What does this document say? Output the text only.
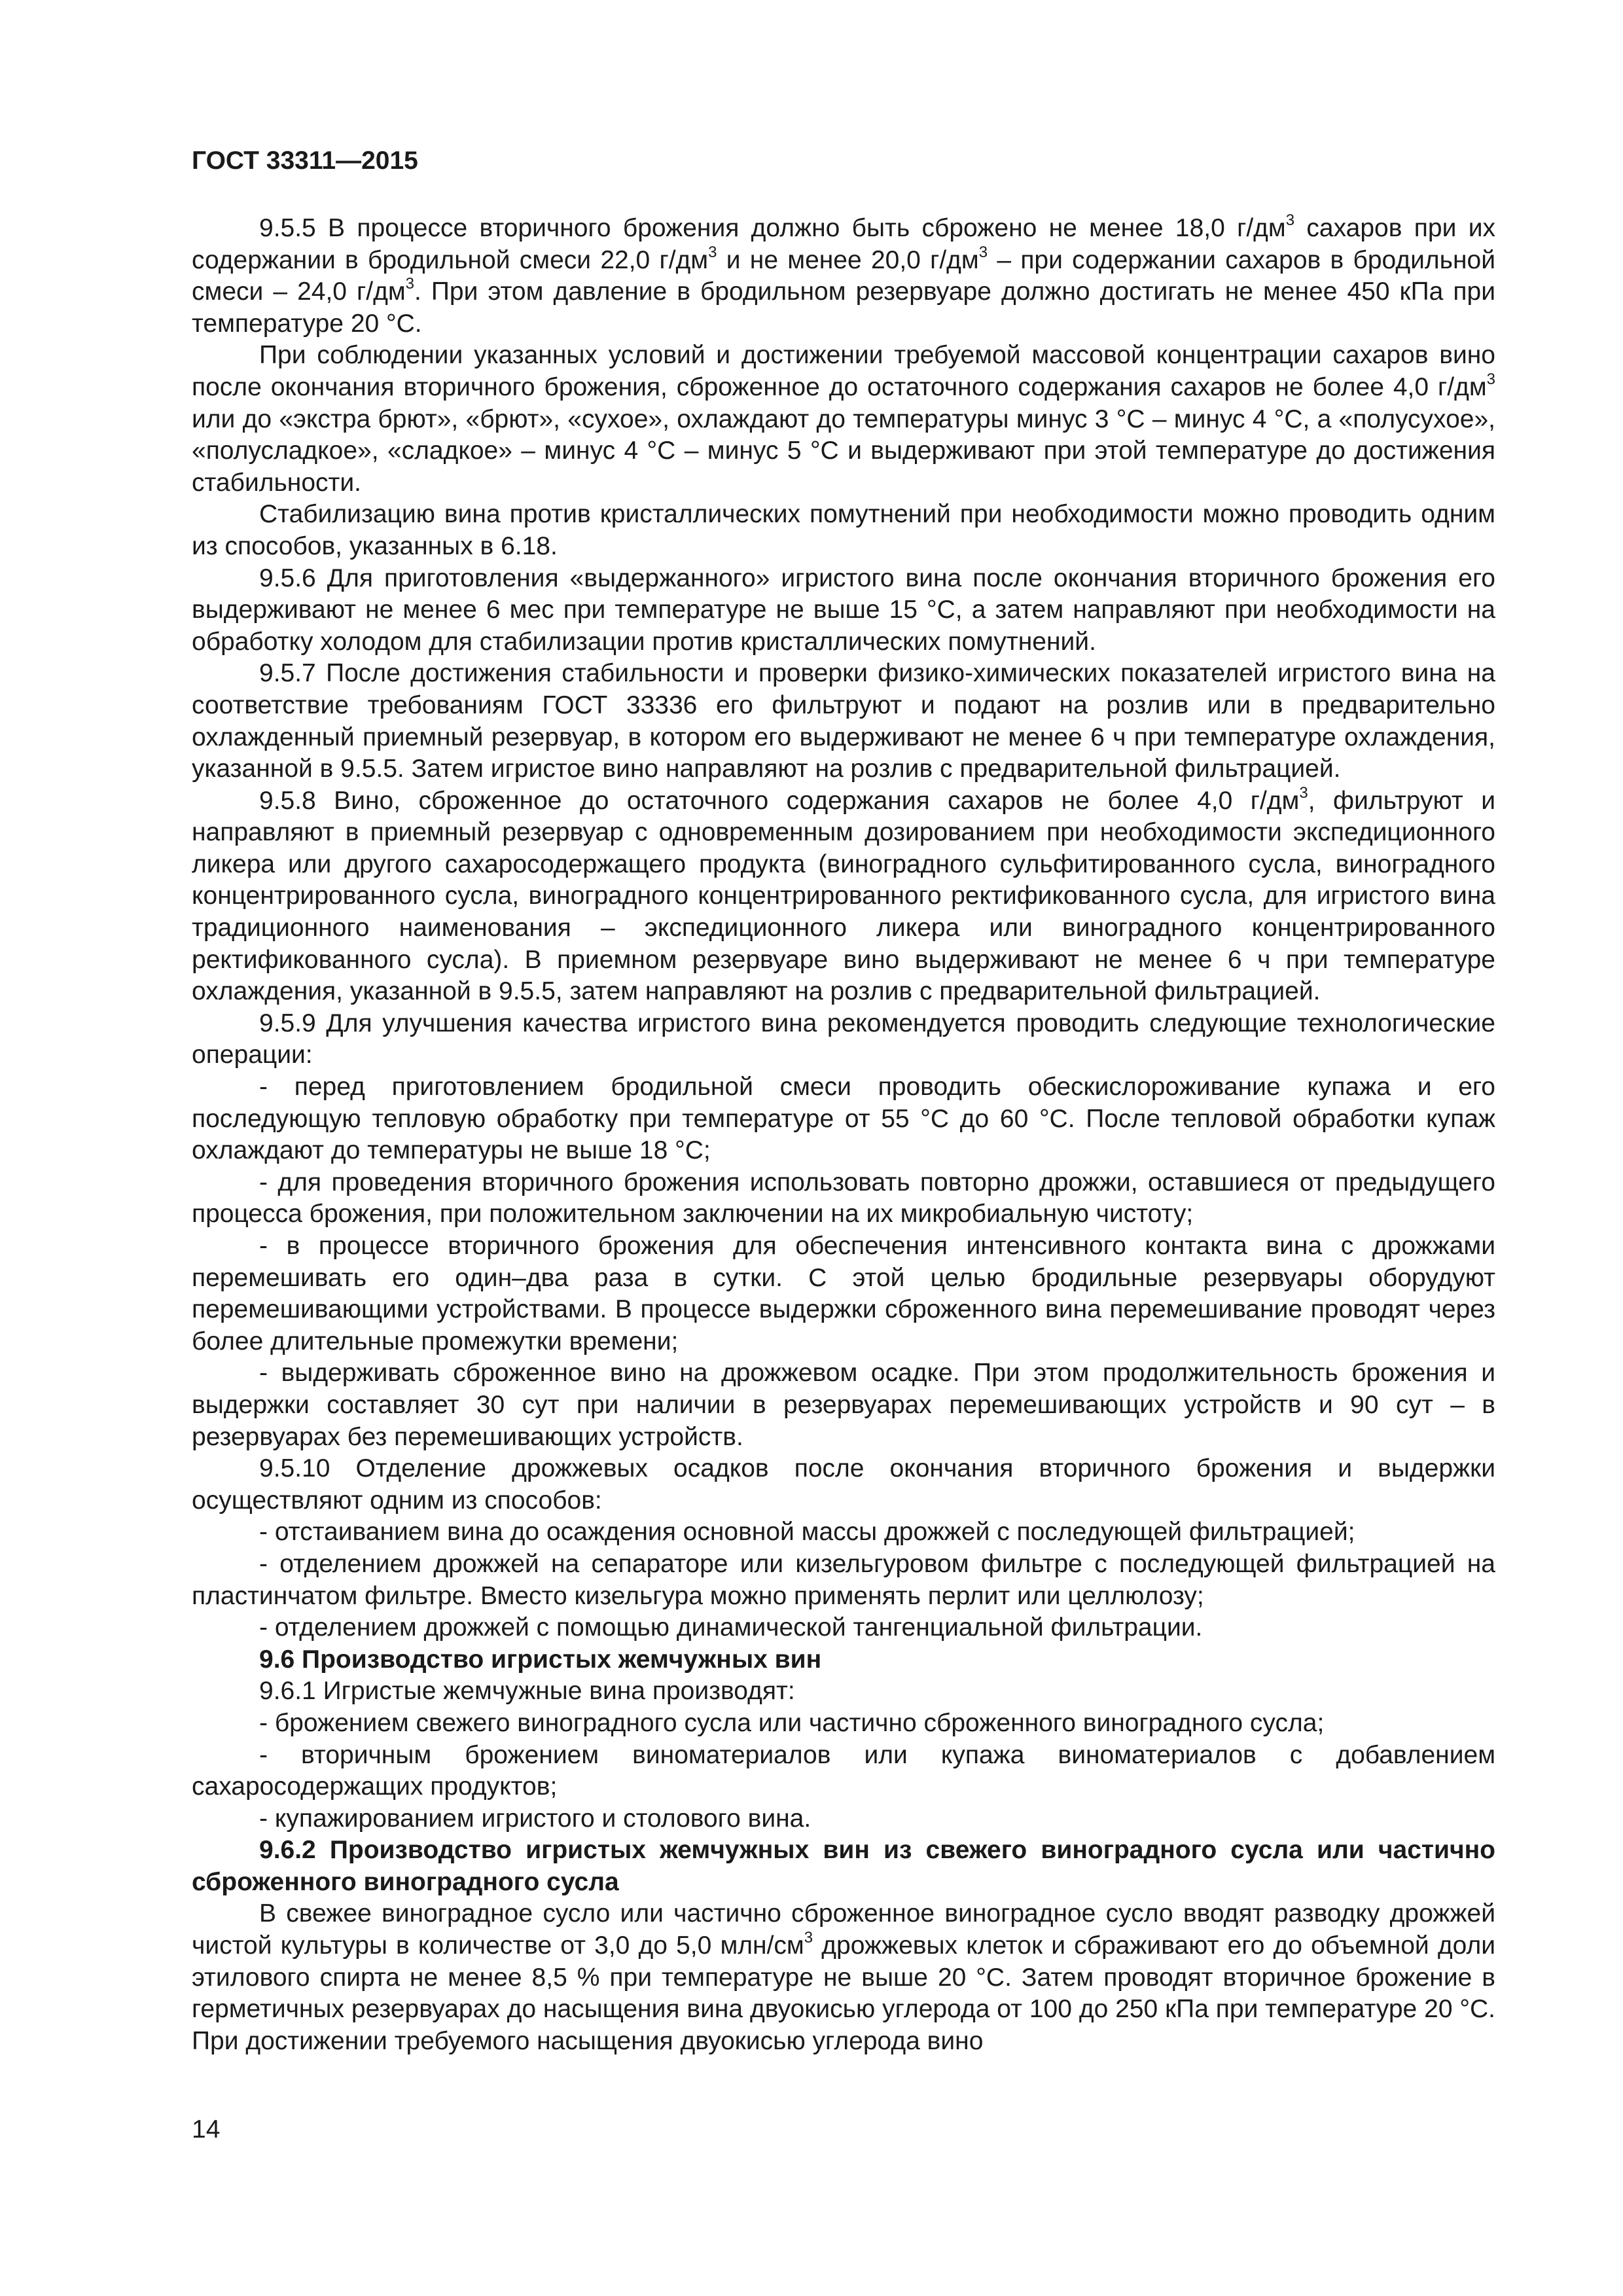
ГОСТ 33311—2015

9.5.5 В процессе вторичного брожения должно быть сброжено не менее 18,0 $г/дм^3$ сахаров при их содержании в бродильной смеси 22,0 $г/дм^3$ и не менее 20,0 $г/дм^3$ – при содержании сахаров в бродильной смеси – 24,0 $г/дм^3$. При этом давление в бродильном резервуаре должно достигать не менее 450 кПа при температуре 20 °С.

При соблюдении указанных условий и достижении требуемой массовой концентрации сахаров вино после окончания вторичного брожения, сброженное до остаточного содержания сахаров не более 4,0 $г/дм^3$ или до «экстра брют», «брют», «сухое», охлаждают до температуры минус 3 °С – минус 4 °С, а «полусухое», «полусладкое», «сладкое» – минус 4 °С – минус 5 °С и выдерживают при этой температуре до достижения стабильности.

Стабилизацию вина против кристаллических помутнений при необходимости можно проводить одним из способов, указанных в 6.18.

9.5.6 Для приготовления «выдержанного» игристого вина после окончания вторичного брожения его выдерживают не менее 6 мес при температуре не выше 15 °С, а затем направляют при необходимости на обработку холодом для стабилизации против кристаллических помутнений.

9.5.7 После достижения стабильности и проверки физико-химических показателей игристого вина на соответствие требованиям ГОСТ 33336 его фильтруют и подают на розлив или в предварительно охлажденный приемный резервуар, в котором его выдерживают не менее 6 ч при температуре охлаждения, указанной в 9.5.5. Затем игристое вино направляют на розлив с предварительной фильтрацией.

9.5.8 Вино, сброженное до остаточного содержания сахаров не более 4,0 $г/дм^3$, фильтруют и направляют в приемный резервуар с одновременным дозированием при необходимости экспедиционного ликера или другого сахаросодержащего продукта (виноградного сульфитированного сусла, виноградного концентрированного сусла, виноградного концентрированного ректификованного сусла, для игристого вина традиционного наименования – экспедиционного ликера или виноградного концентрированного ректификованного сусла). В приемном резервуаре вино выдерживают не менее 6 ч при температуре охлаждения, указанной в 9.5.5, затем направляют на розлив с предварительной фильтрацией.

9.5.9 Для улучшения качества игристого вина рекомендуется проводить следующие технологические операции:

- перед приготовлением бродильной смеси проводить обескислороживание купажа и его последующую тепловую обработку при температуре от 55 °С до 60 °С. После тепловой обработки купаж охлаждают до температуры не выше 18 °С;

- для проведения вторичного брожения использовать повторно дрожжи, оставшиеся от предыдущего процесса брожения, при положительном заключении на их микробиальную чистоту;

- в процессе вторичного брожения для обеспечения интенсивного контакта вина с дрожжами перемешивать его один–два раза в сутки. С этой целью бродильные резервуары оборудуют перемешивающими устройствами. В процессе выдержки сброженного вина перемешивание проводят через более длительные промежутки времени;

- выдерживать сброженное вино на дрожжевом осадке. При этом продолжительность брожения и выдержки составляет 30 сут при наличии в резервуарах перемешивающих устройств и 90 сут – в резервуарах без перемешивающих устройств.

9.5.10 Отделение дрожжевых осадков после окончания вторичного брожения и выдержки осуществляют одним из способов:

- отстаиванием вина до осаждения основной массы дрожжей с последующей фильтрацией;

- отделением дрожжей на сепараторе или кизельгуровом фильтре с последующей фильтрацией на пластинчатом фильтре. Вместо кизельгура можно применять перлит или целлюлозу;

- отделением дрожжей с помощью динамической тангенциальной фильтрации.

9.6 Производство игристых жемчужных вин

9.6.1 Игристые жемчужные вина производят:

- брожением свежего виноградного сусла или частично сброженного виноградного сусла;

- вторичным брожением виноматериалов или купажа виноматериалов с добавлением сахаросодержащих продуктов;

- купажированием игристого и столового вина.

9.6.2 Производство игристых жемчужных вин из свежего виноградного сусла или частично сброженного виноградного сусла

В свежее виноградное сусло или частично сброженное виноградное сусло вводят разводку дрожжей чистой культуры в количестве от 3,0 до 5,0 млн/$см^3$ дрожжевых клеток и сбраживают его до объемной доли этилового спирта не менее 8,5 % при температуре не выше 20 °С. Затем проводят вторичное брожение в герметичных резервуарах до насыщения вина двуокисью углерода от 100 до 250 кПа при температуре 20 °С. При достижении требуемого насыщения двуокисью углерода вино

14
